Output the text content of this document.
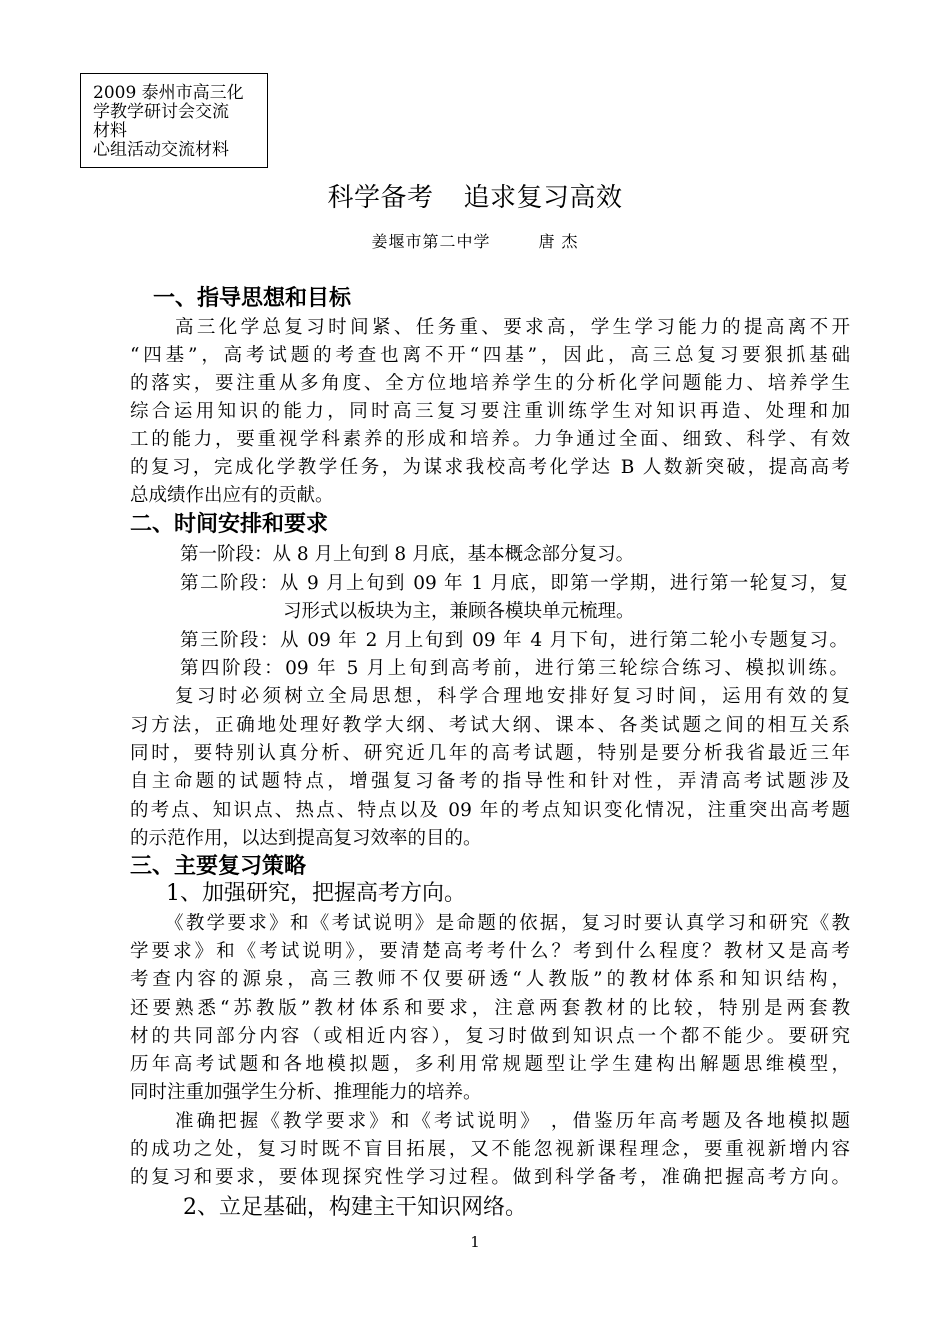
2009 泰州市高三化
学教学研讨会交流
材料
心组活动交流材料
科学备考 追求复习高效
姜堰市第二中学	唐 杰
一、指导思想和目标
高三化学总复习时间紧、任务重、要求高，学生学习能力的提高离不开
“四基”，高考试题的考查也离不开“四基”，因此，高三总复习要狠抓基础
的落实，要注重从多角度、全方位地培养学生的分析化学问题能力、培养学生
综合运用知识的能力，同时高三复习要注重训练学生对知识再造、处理和加
工的能力，要重视学科素养的形成和培养。力争通过全面、细致、科学、有效
的复习，完成化学教学任务，为谋求我校高考化学达 B 人数新突破，提高高考
总成绩作出应有的贡献。
二、时间安排和要求
第一阶段：从 8 月上旬到 8 月底，基本概念部分复习。
第二阶段：从 9 月上旬到 09 年 1 月底，即第一学期，进行第一轮复习，复
习形式以板块为主，兼顾各模块单元梳理。
第三阶段：从 09 年 2 月上旬到 09 年 4 月下旬，进行第二轮小专题复习。
第四阶段：09 年 5 月上旬到高考前，进行第三轮综合练习、模拟训练。
复习时必须树立全局思想，科学合理地安排好复习时间，运用有效的复
习方法，正确地处理好教学大纲、考试大纲、课本、各类试题之间的相互关系
同时，要特别认真分析、研究近几年的高考试题，特别是要分析我省最近三年
自主命题的试题特点，增强复习备考的指导性和针对性，弄清高考试题涉及
的考点、知识点、热点、特点以及 09 年的考点知识变化情况，注重突出高考题
的示范作用，以达到提高复习效率的目的。
三、主要复习策略
1、加强研究，把握高考方向。
《教学要求》和《考试说明》是命题的依据，复习时要认真学习和研究《教
学要求》和《考试说明》，要清楚高考考什么？考到什么程度？教材又是高考
考查内容的源泉，高三教师不仅要研透“人教版”的教材体系和知识结构，
还要熟悉“苏教版”教材体系和要求，注意两套教材的比较，特别是两套教
材的共同部分内容（或相近内容），复习时做到知识点一个都不能少。要研究
历年高考试题和各地模拟题，多利用常规题型让学生建构出解题思维模型，
同时注重加强学生分析、推理能力的培养。
准确把握《教学要求》和《考试说明》 ，借鉴历年高考题及各地模拟题
的成功之处，复习时既不盲目拓展，又不能忽视新课程理念，要重视新增内容
的复习和要求，要体现探究性学习过程。做到科学备考，准确把握高考方向。
2、立足基础，构建主干知识网络。
1
